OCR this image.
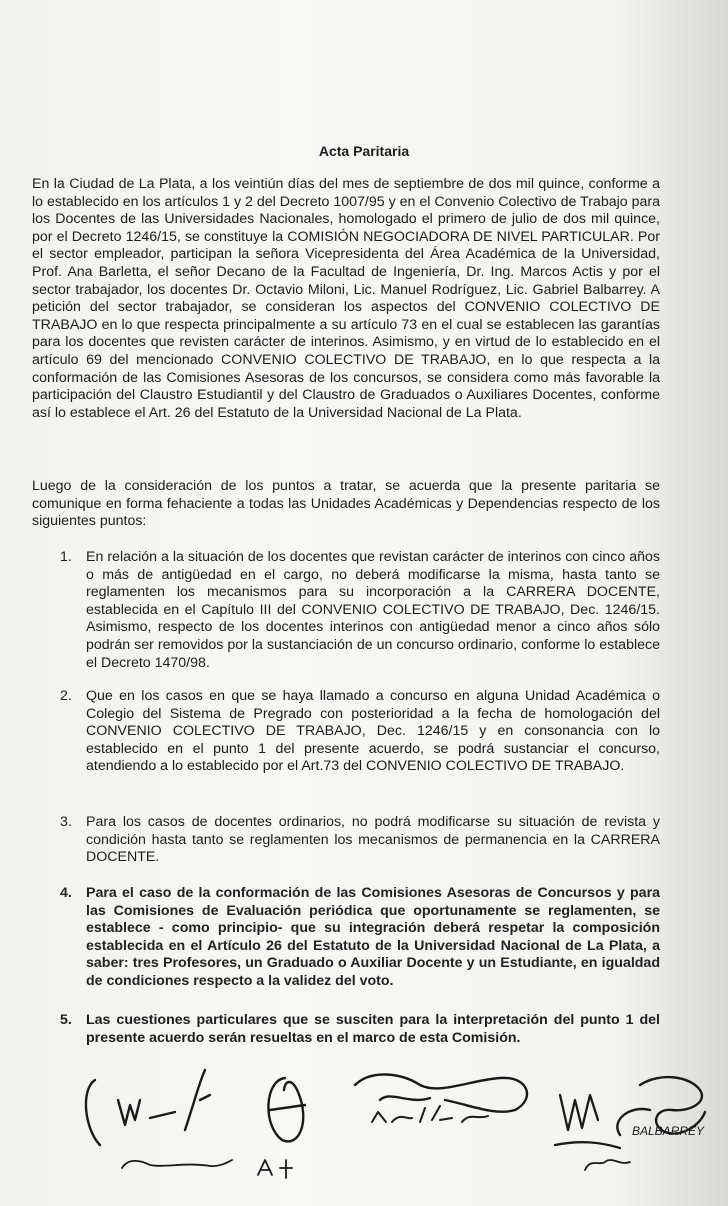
Acta Paritaria

En la Ciudad de La Plata, a los veintiún días del mes de septiembre de dos mil quince, conforme a lo establecido en los artículos 1 y 2 del Decreto 1007/95 y en el Convenio Colectivo de Trabajo para los Docentes de las Universidades Nacionales, homologado el primero de julio de dos mil quince, por el Decreto 1246/15, se constituye la COMISIÓN NEGOCIADORA DE NIVEL PARTICULAR. Por el sector empleador, participan la señora Vicepresidenta del Área Académica de la Universidad, Prof. Ana Barletta, el señor Decano de la Facultad de Ingeniería, Dr. Ing. Marcos Actis y por el sector trabajador, los docentes Dr. Octavio Miloni, Lic. Manuel Rodríguez, Lic. Gabriel Balbarrey. A petición del sector trabajador, se consideran los aspectos del CONVENIO COLECTIVO DE TRABAJO en lo que respecta principalmente a su artículo 73 en el cual se establecen las garantías para los docentes que revisten carácter de interinos. Asimismo, y en virtud de lo establecido en el artículo 69 del mencionado CONVENIO COLECTIVO DE TRABAJO, en lo que respecta a la conformación de las Comisiones Asesoras de los concursos, se considera como más favorable la participación del Claustro Estudiantil y del Claustro de Graduados o Auxiliares Docentes, conforme así lo establece el Art. 26 del Estatuto de la Universidad Nacional de La Plata.

Luego de la consideración de los puntos a tratar, se acuerda que la presente paritaria se comunique en forma fehaciente a todas las Unidades Académicas y Dependencias respecto de los siguientes puntos:

1. En relación a la situación de los docentes que revistan carácter de interinos con cinco años o más de antigüedad en el cargo, no deberá modificarse la misma, hasta tanto se reglamenten los mecanismos para su incorporación a la CARRERA DOCENTE, establecida en el Capítulo III del CONVENIO COLECTIVO DE TRABAJO, Dec. 1246/15. Asimismo, respecto de los docentes interinos con antigüedad menor a cinco años sólo podrán ser removidos por la sustanciación de un concurso ordinario, conforme lo establece el Decreto 1470/98.
2. Que en los casos en que se haya llamado a concurso en alguna Unidad Académica o Colegio del Sistema de Pregrado con posterioridad a la fecha de homologación del CONVENIO COLECTIVO DE TRABAJO, Dec. 1246/15 y en consonancia con lo establecido en el punto 1 del presente acuerdo, se podrá sustanciar el concurso, atendiendo a lo establecido por el Art.73 del CONVENIO COLECTIVO DE TRABAJO.
3. Para los casos de docentes ordinarios, no podrá modificarse su situación de revista y condición hasta tanto se reglamenten los mecanismos de permanencia en la CARRERA DOCENTE.
4. Para el caso de la conformación de las Comisiones Asesoras de Concursos y para las Comisiones de Evaluación periódica que oportunamente se reglamenten, se establece - como principio- que su integración deberá respetar la composición establecida en el Artículo 26 del Estatuto de la Universidad Nacional de La Plata, a saber: tres Profesores, un Graduado o Auxiliar Docente y un Estudiante, en igualdad de condiciones respecto a la validez del voto.
5. Las cuestiones particulares que se susciten para la interpretación del punto 1 del presente acuerdo serán resueltas en el marco de esta Comisión.
BALBARREY
